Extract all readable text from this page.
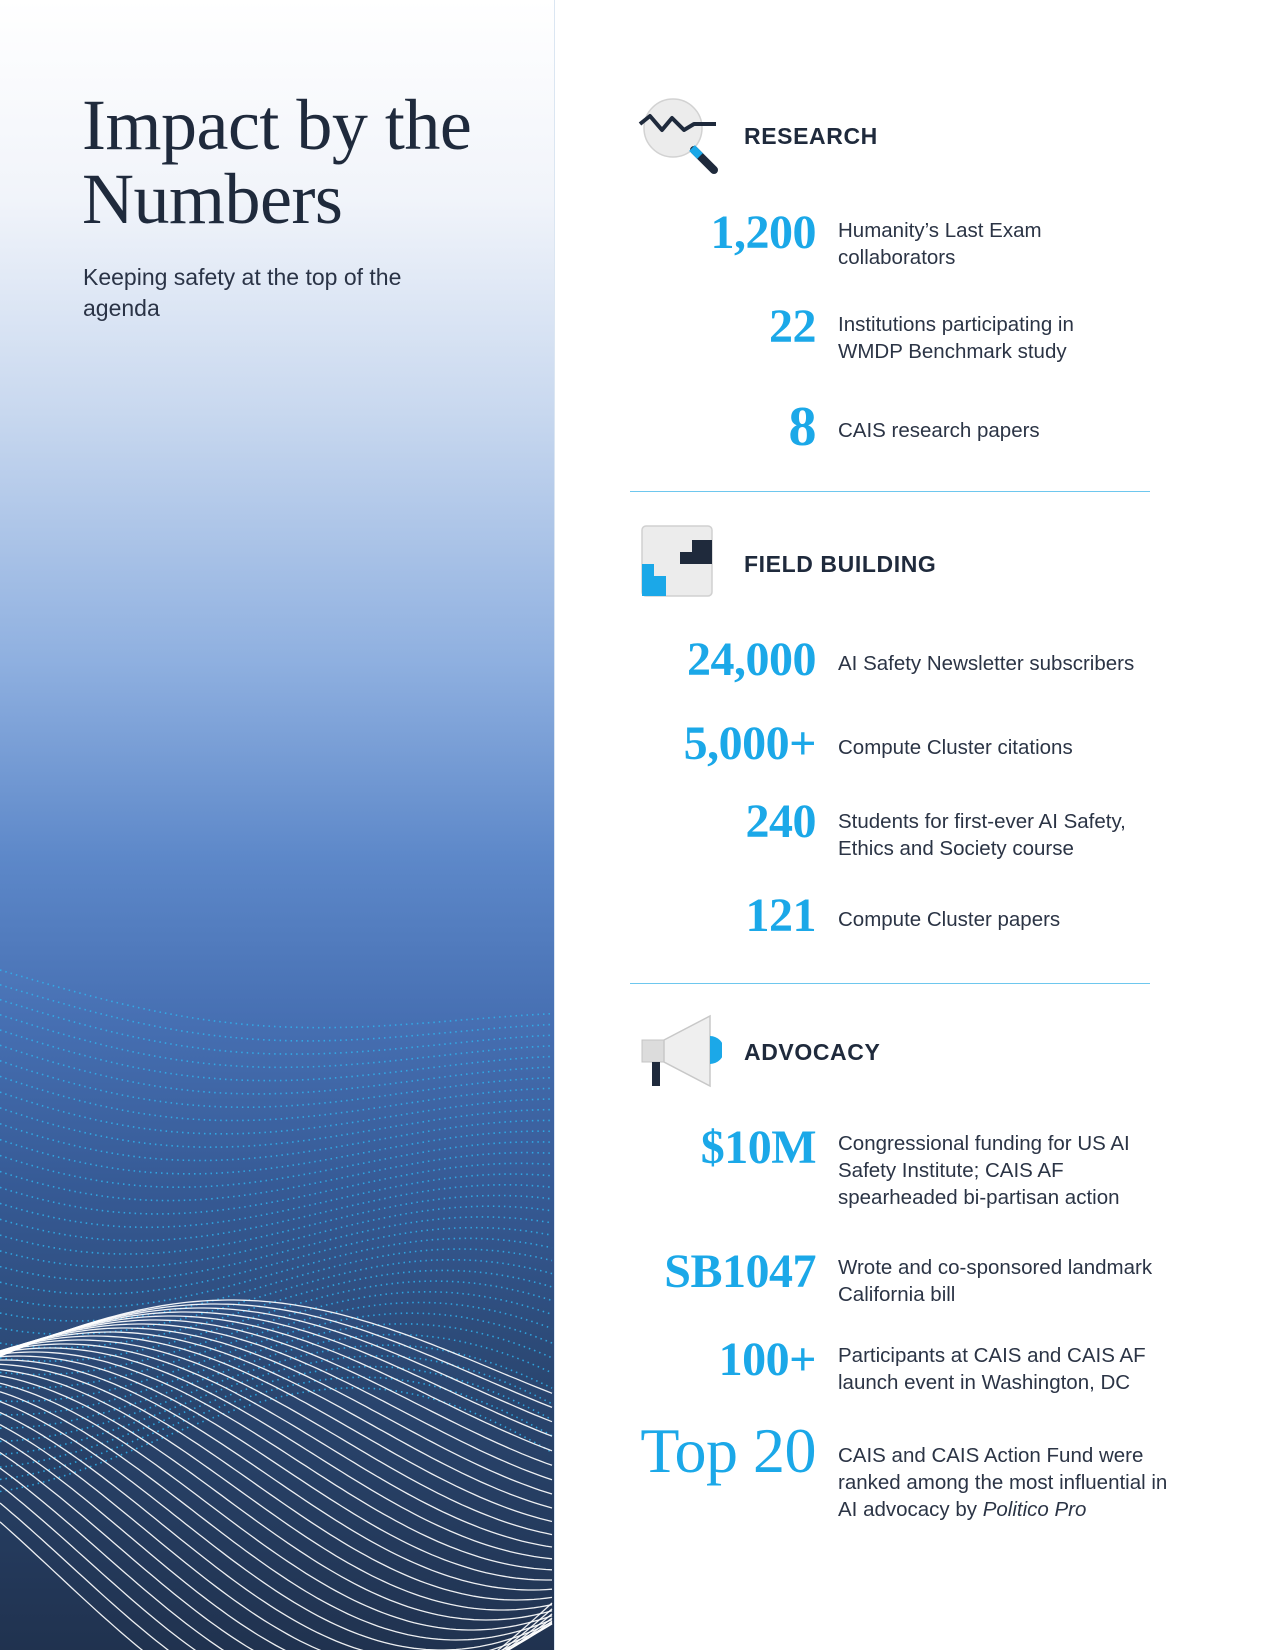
Impact by the Numbers

Keeping safety at the top of the agenda

RESEARCH
1,200 Humanity’s Last Exam collaborators
22 Institutions participating in WMDP Benchmark study
8 CAIS research papers
FIELD BUILDING
24,000 AI Safety Newsletter subscribers
5,000+ Compute Cluster citations
240 Students for first-ever AI Safety, Ethics and Society course
121 Compute Cluster papers
ADVOCACY
$10M Congressional funding for US AI Safety Institute; CAIS AF spearheaded bi-partisan action
SB1047 Wrote and co-sponsored landmark California bill
100+ Participants at CAIS and CAIS AF launch event in Washington, DC
Top 20 CAIS and CAIS Action Fund were ranked among the most influential in AI advocacy by Politico Pro
